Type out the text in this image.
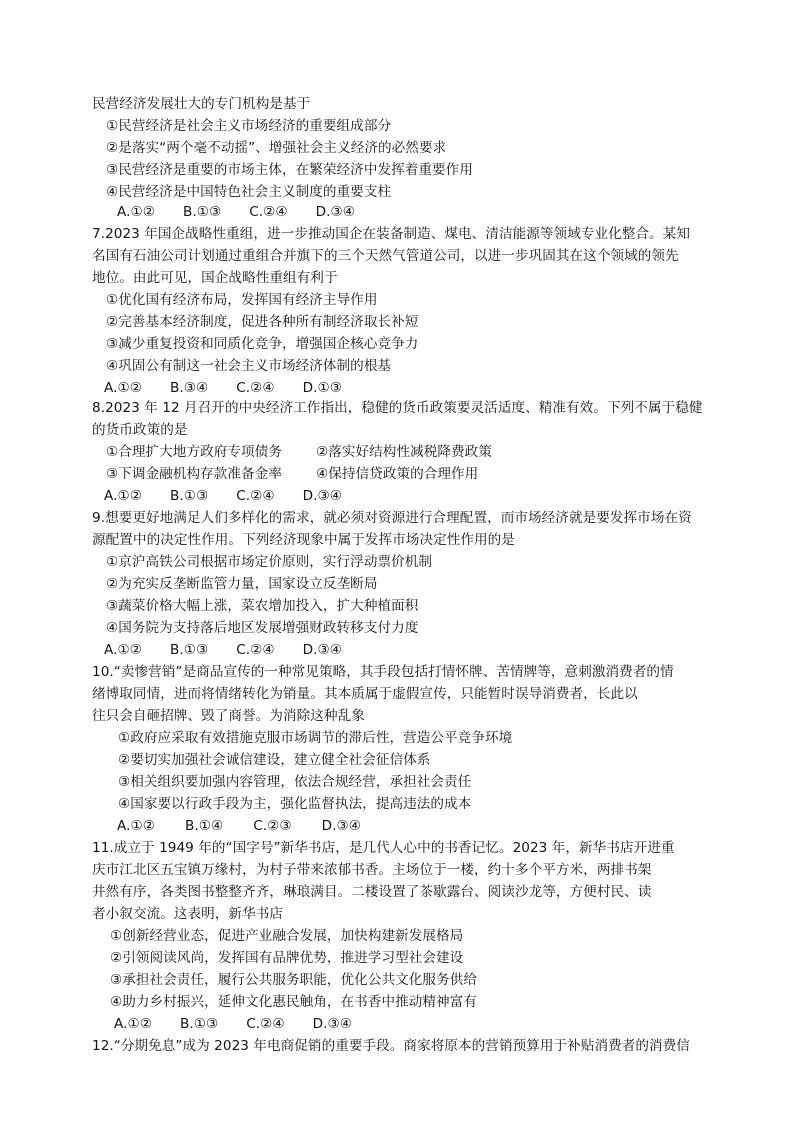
民营经济发展壮大的专门机构是基于
①民营经济是社会主义市场经济的重要组成部分
②是落实“两个毫不动摇”、增强社会主义经济的必然要求
③民营经济是重要的市场主体，在繁荣经济中发挥着重要作用
④民营经济是中国特色社会主义制度的重要支柱
A.①② B.①③ C.②④ D.③④
7.2023 年国企战略性重组，进一步推动国企在装备制造、煤电、清洁能源等领域专业化整合。某知
名国有石油公司计划通过重组合并旗下的三个天然气管道公司，以进一步巩固其在这个领域的领先
地位。由此可见，国企战略性重组有利于
①优化国有经济布局，发挥国有经济主导作用
②完善基本经济制度，促进各种所有制经济取长补短
③减少重复投资和同质化竞争，增强国企核心竞争力
④巩固公有制这一社会主义市场经济体制的根基
A.①② B.③④ C.②④ D.①③
8.2023 年 12 月召开的中央经济工作指出，稳健的货币政策要灵活适度、精准有效。下列不属于稳健
的货币政策的是
①合理扩大地方政府专项债务	②落实好结构性减税降费政策
③下调金融机构存款准备金率	④保持信贷政策的合理作用
A.①② B.①③ C.②④ D.③④
9.想要更好地满足人们多样化的需求，就必须对资源进行合理配置，而市场经济就是要发挥市场在资
源配置中的决定性作用。下列经济现象中属于发挥市场决定性作用的是
①京沪高铁公司根据市场定价原则，实行浮动票价机制
②为充实反垄断监管力量，国家设立反垄断局
③蔬菜价格大幅上涨，菜农增加投入，扩大种植面积
④国务院为支持落后地区发展增强财政转移支付力度
A.①② B.①③ C.②④ D.③④
10.“卖惨营销”是商品宣传的一种常见策略，其手段包括打情怀牌、苦情牌等，意刺激消费者的情
绪博取同情，进而将情绪转化为销量。其本质属于虚假宣传，只能暂时误导消费者，长此以
往只会自砸招牌、毁了商誉。为消除这种乱象
①政府应采取有效措施克服市场调节的滞后性，营造公平竞争环境
②要切实加强社会诚信建设，建立健全社会征信体系
③相关组织要加强内容管理，依法合规经营，承担社会责任
④国家要以行政手段为主，强化监督执法，提高违法的成本
A.①② B.①④ C.②③ D.③④
11.成立于 1949 年的“国字号”新华书店，是几代人心中的书香记忆。2023 年，新华书店开进重
庆市江北区五宝镇万缘村，为村子带来浓郁书香。主场位于一楼，约十多个平方米，两排书架
井然有序，各类图书整整齐齐，琳琅满目。二楼设置了茶歇露台、阅读沙龙等，方便村民、读
者小叙交流。这表明，新华书店
①创新经营业态，促进产业融合发展，加快构建新发展格局
②引领阅读风尚，发挥国有品牌优势，推进学习型社会建设
③承担社会责任，履行公共服务职能，优化公共文化服务供给
④助力乡村振兴，延伸文化惠民触角，在书香中推动精神富有
A.①② B.①③ C.②④ D.③④
12.“分期免息”成为 2023 年电商促销的重要手段。商家将原本的营销预算用于补贴消费者的消费信
